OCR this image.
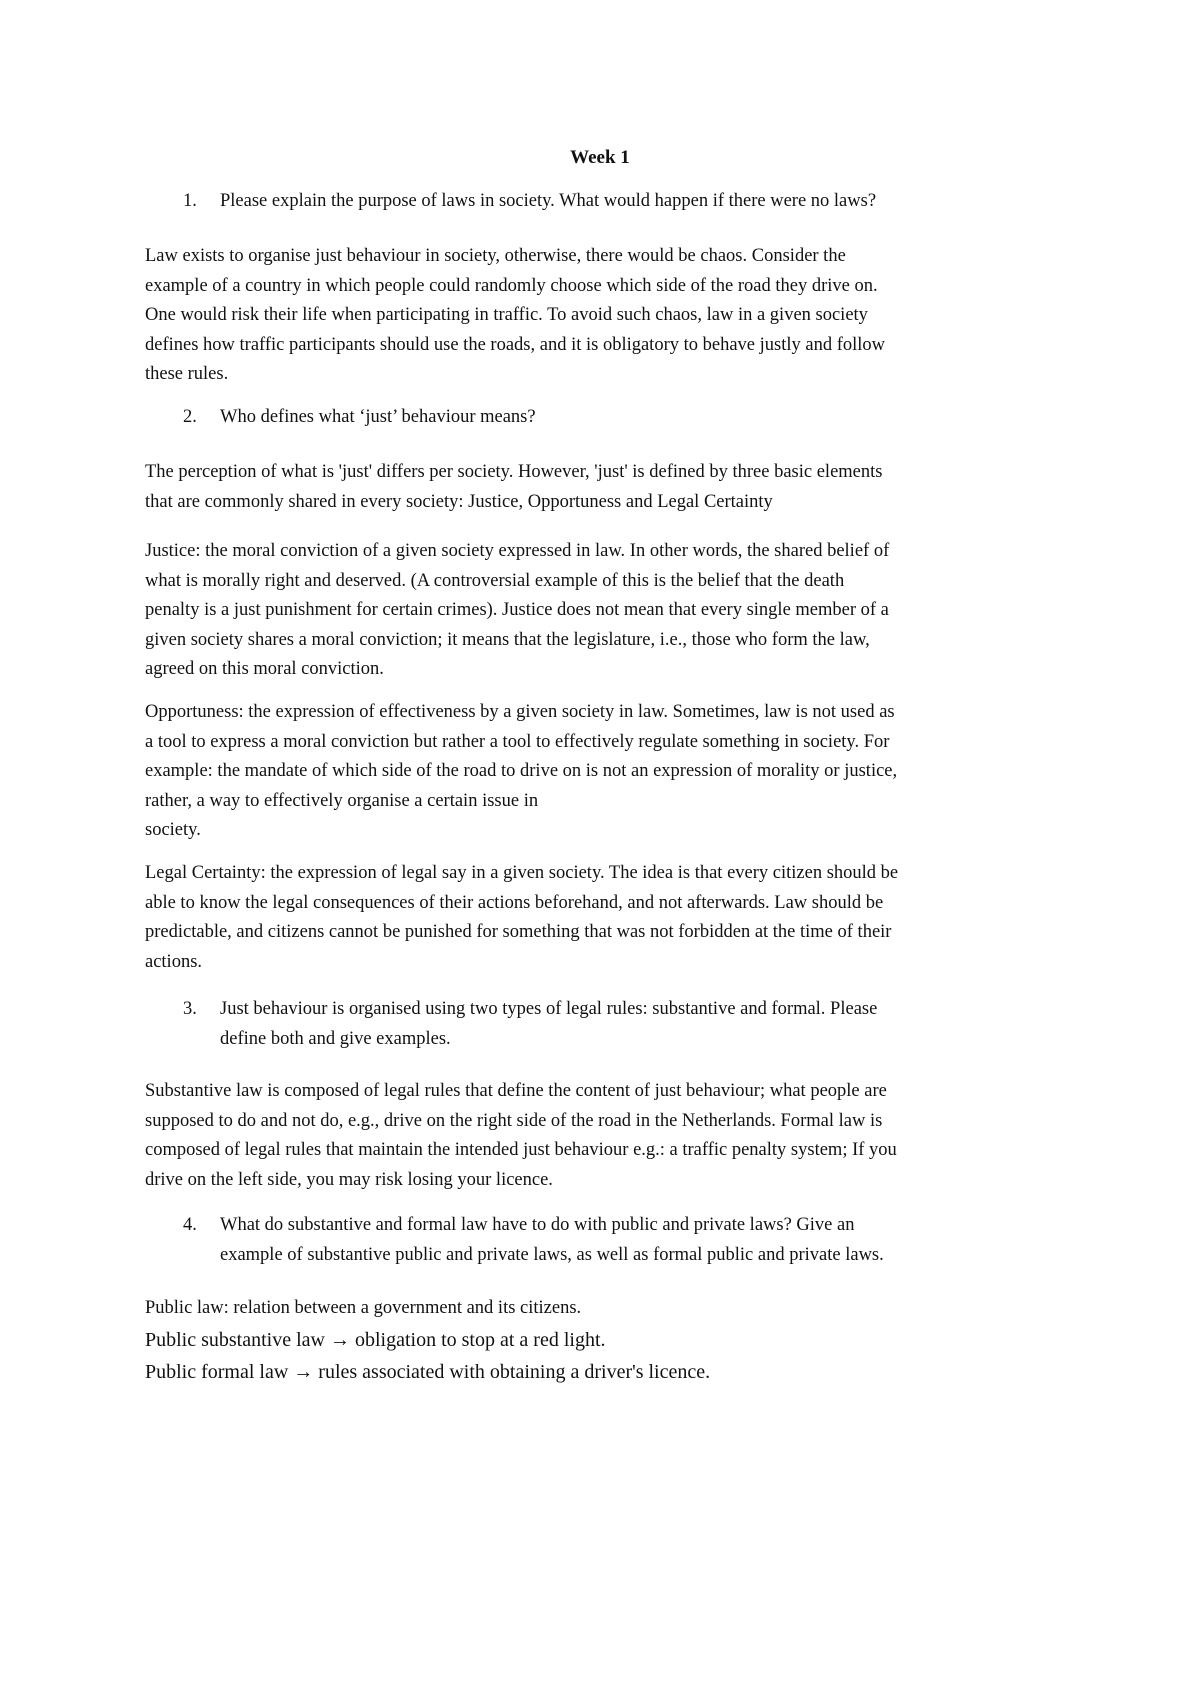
Week 1
1. Please explain the purpose of laws in society. What would happen if there were no laws?
Law exists to organise just behaviour in society, otherwise, there would be chaos. Consider the
example of a country in which people could randomly choose which side of the road they drive on.
One would risk their life when participating in traffic. To avoid such chaos, law in a given society
defines how traffic participants should use the roads, and it is obligatory to behave justly and follow
these rules.
2. Who defines what ‘just’ behaviour means?
The perception of what is 'just' differs per society. However, 'just' is defined by three basic elements
that are commonly shared in every society: Justice, Opportuness and Legal Certainty
Justice: the moral conviction of a given society expressed in law. In other words, the shared belief of
what is morally right and deserved. (A controversial example of this is the belief that the death
penalty is a just punishment for certain crimes). Justice does not mean that every single member of a
given society shares a moral conviction; it means that the legislature, i.e., those who form the law,
agreed on this moral conviction.
Opportuness: the expression of effectiveness by a given society in law. Sometimes, law is not used as
a tool to express a moral conviction but rather a tool to effectively regulate something in society. For
example: the mandate of which side of the road to drive on is not an expression of morality or justice,
rather, a way to effectively organise a certain issue in
society.
Legal Certainty: the expression of legal say in a given society. The idea is that every citizen should be
able to know the legal consequences of their actions beforehand, and not afterwards. Law should be
predictable, and citizens cannot be punished for something that was not forbidden at the time of their
actions.
3. Just behaviour is organised using two types of legal rules: substantive and formal. Please
define both and give examples.
Substantive law is composed of legal rules that define the content of just behaviour; what people are
supposed to do and not do, e.g., drive on the right side of the road in the Netherlands. Formal law is
composed of legal rules that maintain the intended just behaviour e.g.: a traffic penalty system; If you
drive on the left side, you may risk losing your licence.
4. What do substantive and formal law have to do with public and private laws? Give an
example of substantive public and private laws, as well as formal public and private laws.
Public law: relation between a government and its citizens.
Public substantive law → obligation to stop at a red light.
Public formal law → rules associated with obtaining a driver's licence.
